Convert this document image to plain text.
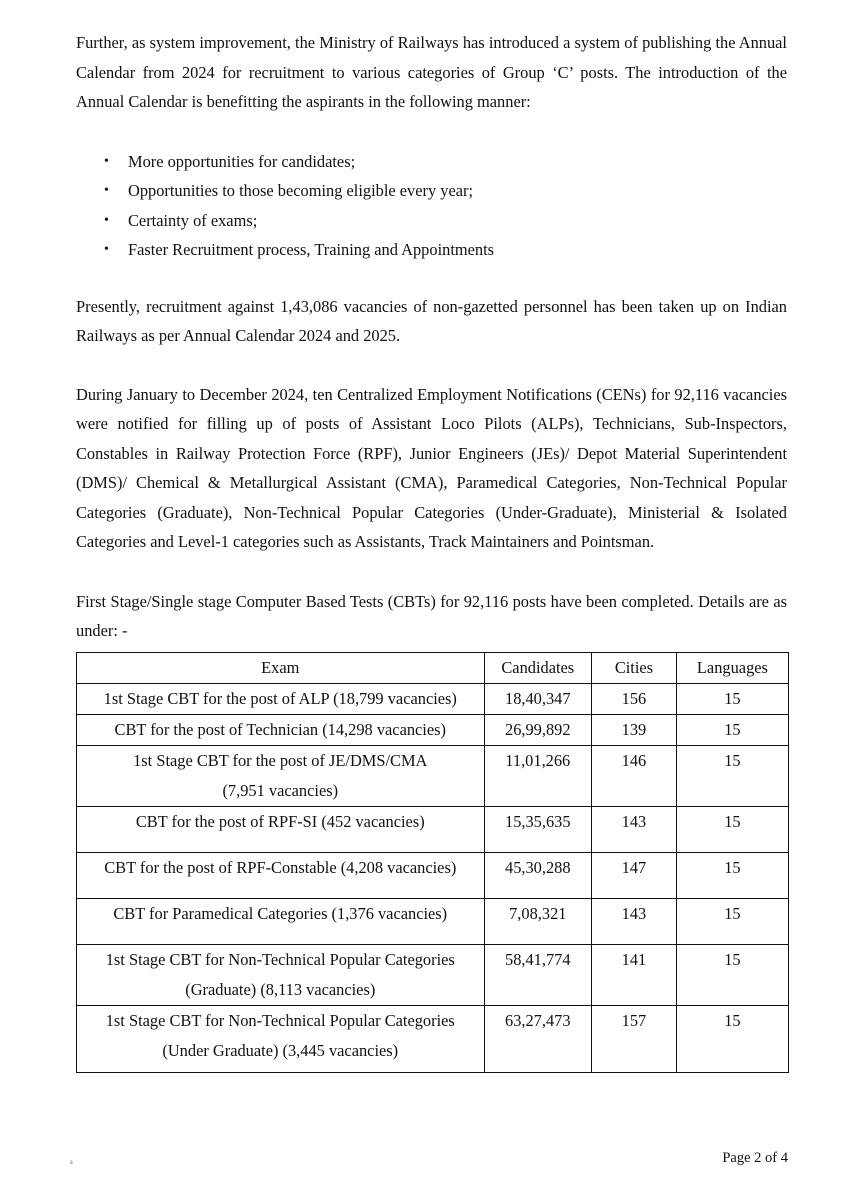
Further, as system improvement, the Ministry of Railways has introduced a system of publishing the Annual Calendar from 2024 for recruitment to various categories of Group ‘C’ posts. The introduction of the Annual Calendar is benefitting the aspirants in the following manner:

• More opportunities for candidates;
• Opportunities to those becoming eligible every year;
• Certainty of exams;
• Faster Recruitment process, Training and Appointments

Presently, recruitment against 1,43,086 vacancies of non-gazetted personnel has been taken up on Indian Railways as per Annual Calendar 2024 and 2025.

During January to December 2024, ten Centralized Employment Notifications (CENs) for 92,116 vacancies were notified for filling up of posts of Assistant Loco Pilots (ALPs), Technicians, Sub-Inspectors, Constables in Railway Protection Force (RPF), Junior Engineers (JEs)/ Depot Material Superintendent (DMS)/ Chemical & Metallurgical Assistant (CMA), Paramedical Categories, Non-Technical Popular Categories (Graduate), Non-Technical Popular Categories (Under-Graduate), Ministerial & Isolated Categories and Level-1 categories such as Assistants, Track Maintainers and Pointsman.

First Stage/Single stage Computer Based Tests (CBTs) for 92,116 posts have been completed. Details are as under: -

Exam	Candidates	Cities	Languages
1st Stage CBT for the post of ALP (18,799 vacancies)	18,40,347	156	15
CBT for the post of Technician (14,298 vacancies)	26,99,892	139	15

1st Stage CBT for the post of JE/DMS/CMA
(7,951 vacancies)	11,01,266	146	15
CBT for the post of RPF-SI (452 vacancies)	15,35,635	143	15
CBT for the post of RPF-Constable (4,208 vacancies)	45,30,288	147	15
CBT for Paramedical Categories (1,376 vacancies)	7,08,321	143	15

1st Stage CBT for Non-Technical Popular Categories
(Graduate) (8,113 vacancies)	58,41,774	141	15

1st Stage CBT for Non-Technical Popular Categories
(Under Graduate) (3,445 vacancies)	63,27,473	157	15
s	Page 2 of 4
